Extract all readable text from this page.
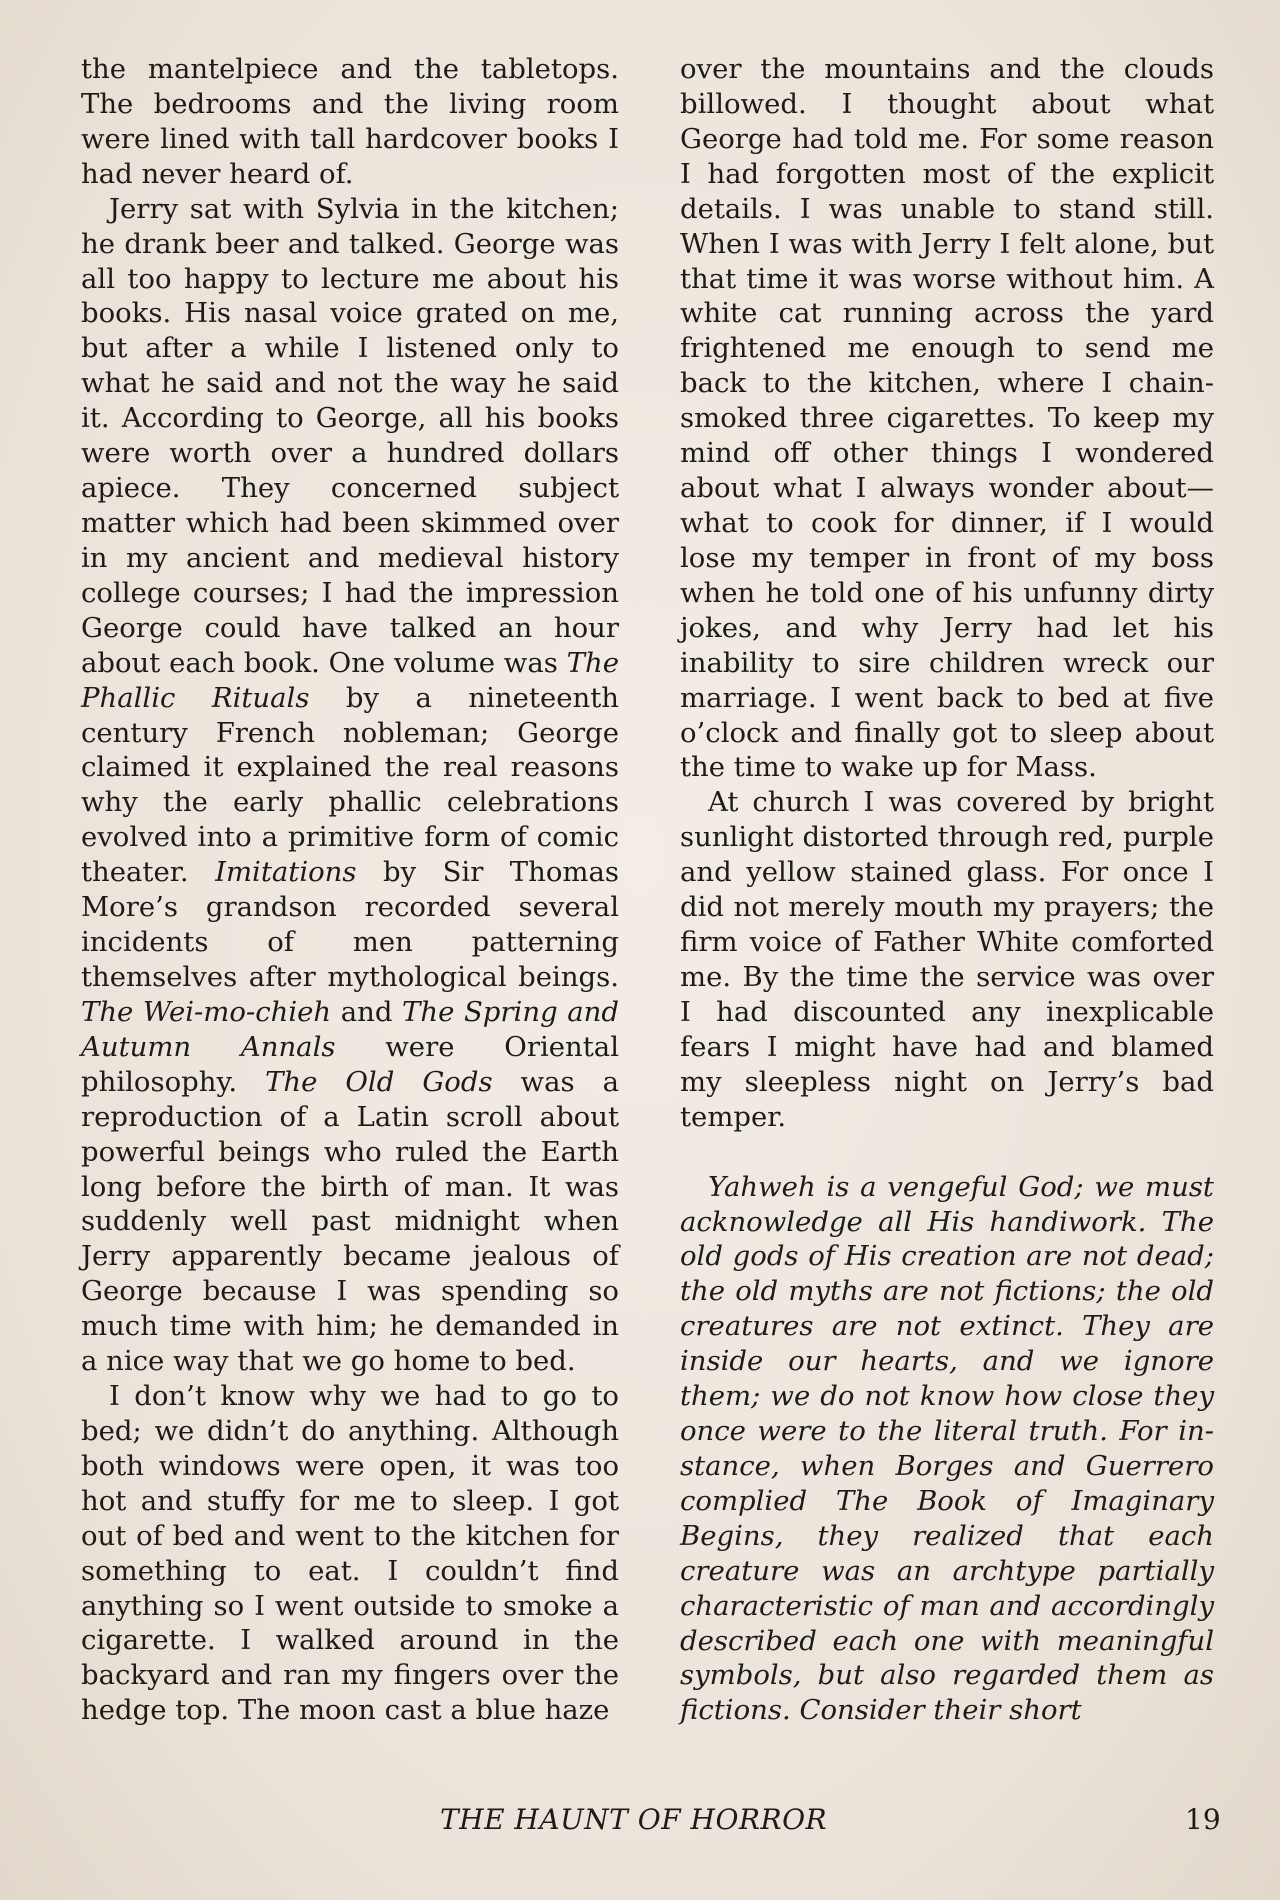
the mantelpiece and the tabletops. The bedrooms and the living room were lined with tall hardcover books I had never heard of.

Jerry sat with Sylvia in the kitchen; he drank beer and talked. George was all too happy to lecture me about his books. His nasal voice grated on me, but after a while I listened only to what he said and not the way he said it. According to George, all his books were worth over a hundred dollars apiece. They concerned subject matter which had been skimmed over in my ancient and medieval history college courses; I had the impression George could have talked an hour about each book. One volume was The Phallic Rituals by a nineteenth century French nobleman; George claimed it explained the real reasons why the early phallic celebrations evolved into a primitive form of comic theater. Imitations by Sir Thomas More’s grandson recorded several incidents of men patterning themselves after mythological beings. The Wei-mo-chieh and The Spring and Autumn Annals were Oriental philosophy. The Old Gods was a reproduction of a Latin scroll about powerful beings who ruled the Earth long before the birth of man. It was suddenly well past midnight when Jerry apparently became jealous of George because I was spending so much time with him; he demanded in a nice way that we go home to bed.

I don’t know why we had to go to bed; we didn’t do anything. Although both windows were open, it was too hot and stuffy for me to sleep. I got out of bed and went to the kitchen for something to eat. I couldn’t find anything so I went outside to smoke a cigarette. I walked around in the backyard and ran my fingers over the hedge top. The moon cast a blue haze

over the mountains and the clouds billowed. I thought about what George had told me. For some reason I had forgotten most of the explicit details. I was unable to stand still. When I was with Jerry I felt alone, but that time it was worse without him. A white cat running across the yard frightened me enough to send me back to the kitchen, where I chain-smoked three cigarettes. To keep my mind off other things I wondered about what I always wonder about—what to cook for dinner, if I would lose my temper in front of my boss when he told one of his unfunny dirty jokes, and why Jerry had let his inability to sire children wreck our marriage. I went back to bed at five o’clock and finally got to sleep about the time to wake up for Mass.

At church I was covered by bright sunlight distorted through red, purple and yellow stained glass. For once I did not merely mouth my prayers; the firm voice of Father White comforted me. By the time the service was over I had discounted any inexplicable fears I might have had and blamed my sleepless night on Jerry’s bad temper.

Yahweh is a vengeful God; we must acknowledge all His handiwork. The old gods of His creation are not dead; the old myths are not fictions; the old creatures are not extinct. They are inside our hearts, and we ignore them; we do not know how close they once were to the literal truth. For instance, when Borges and Guerrero complied The Book of Imaginary Begins, they realized that each creature was an archtype partially characteristic of man and accordingly described each one with meaningful symbols, but also regarded them as fictions. Consider their short

THE HAUNT OF HORROR	19
